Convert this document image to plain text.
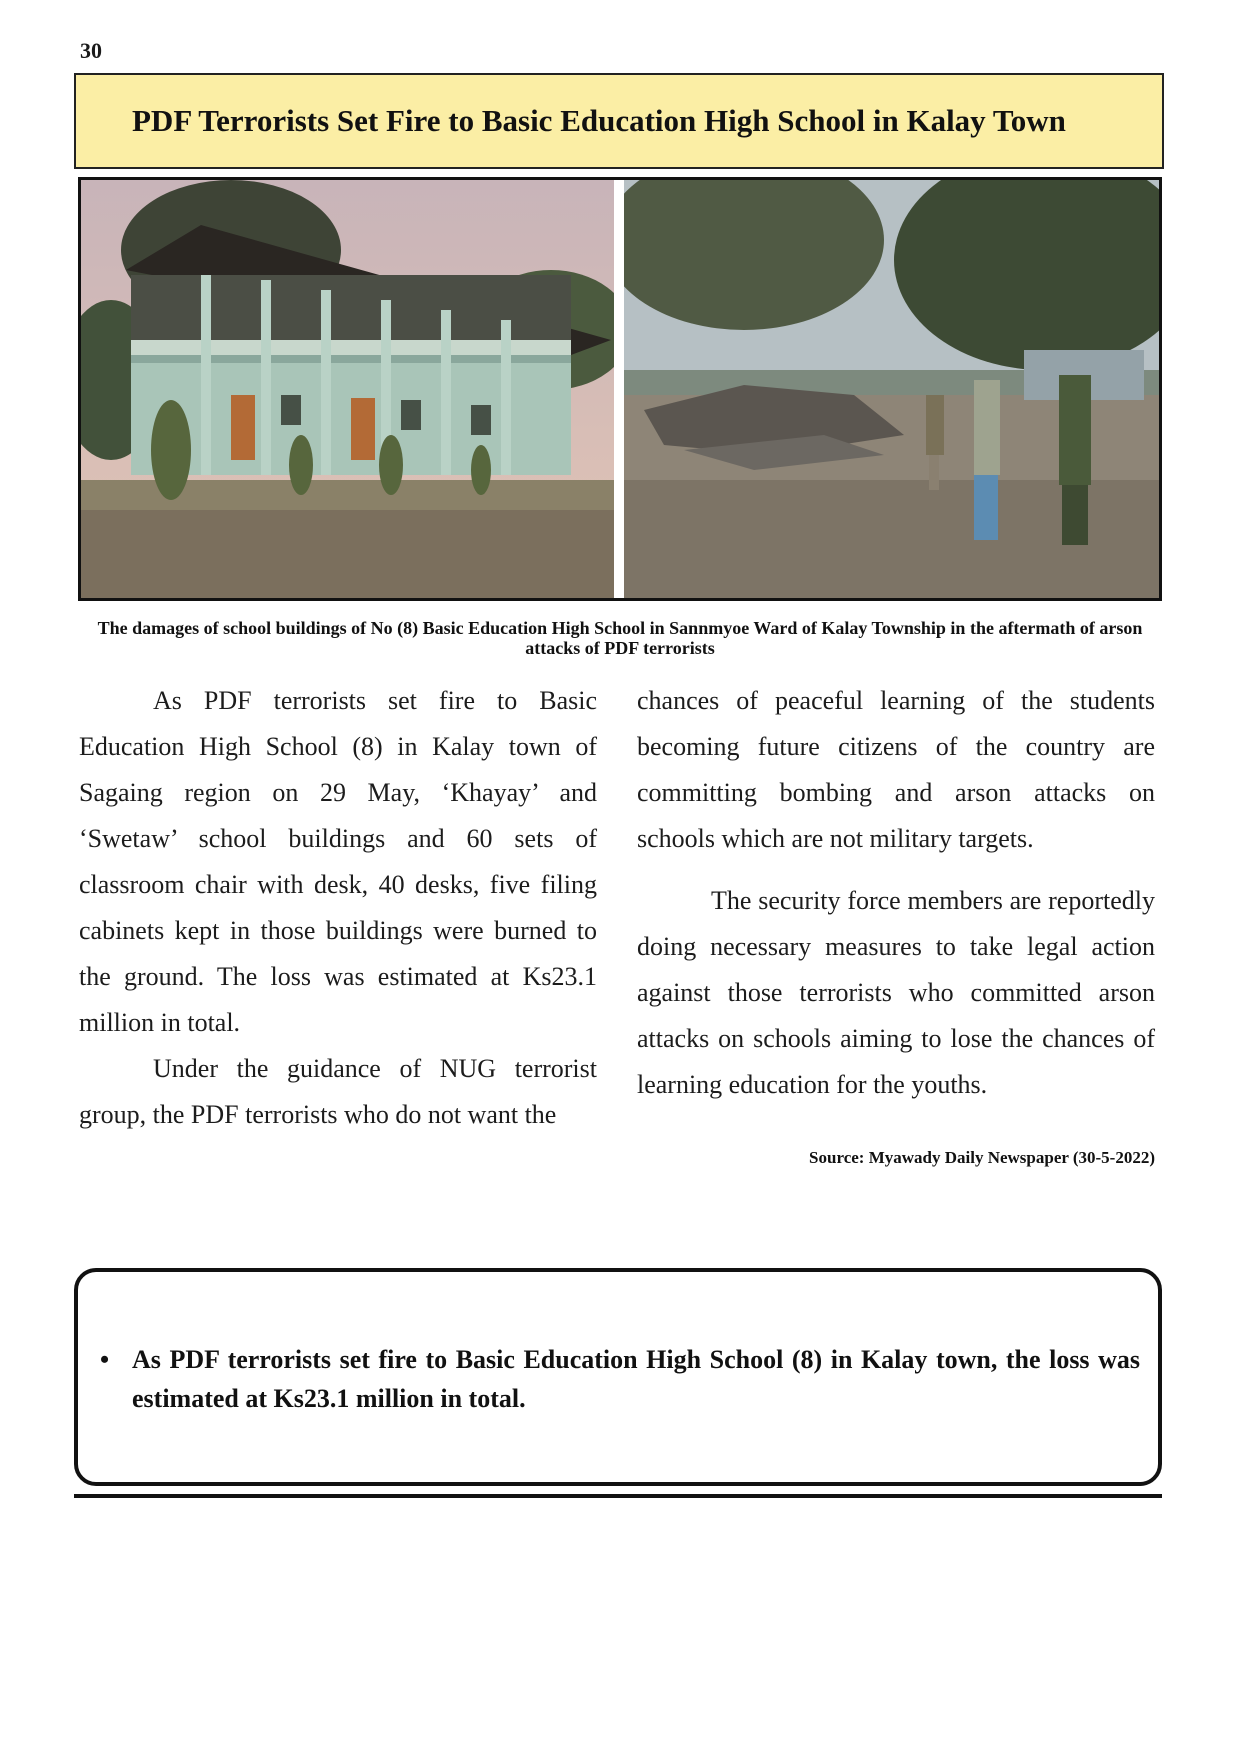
30
PDF Terrorists Set Fire to Basic Education High School in Kalay Town
The damages of school buildings of No (8) Basic Education High School in Sannmyoe Ward of Kalay Township in the aftermath of arson attacks of PDF terrorists

As PDF terrorists set fire to Basic Education High School (8) in Kalay town of Sagaing region on 29 May, ‘Khayay’ and ‘Swetaw’ school buildings and 60 sets of classroom chair with desk, 40 desks, five filing cabinets kept in those buildings were burned to the ground. The loss was estimated at Ks23.1 million in total.

Under the guidance of NUG terrorist group, the PDF terrorists who do not want the

chances of peaceful learning of the students becoming future citizens of the country are committing bombing and arson attacks on schools which are not military targets.

The security force members are reportedly doing necessary measures to take legal action against those terrorists who committed arson attacks on schools aiming to lose the chances of learning education for the youths.

Source: Myawady Daily Newspaper (30-5-2022)
• As PDF terrorists set fire to Basic Education High School (8) in Kalay town, the loss was estimated at Ks23.1 million in total.
